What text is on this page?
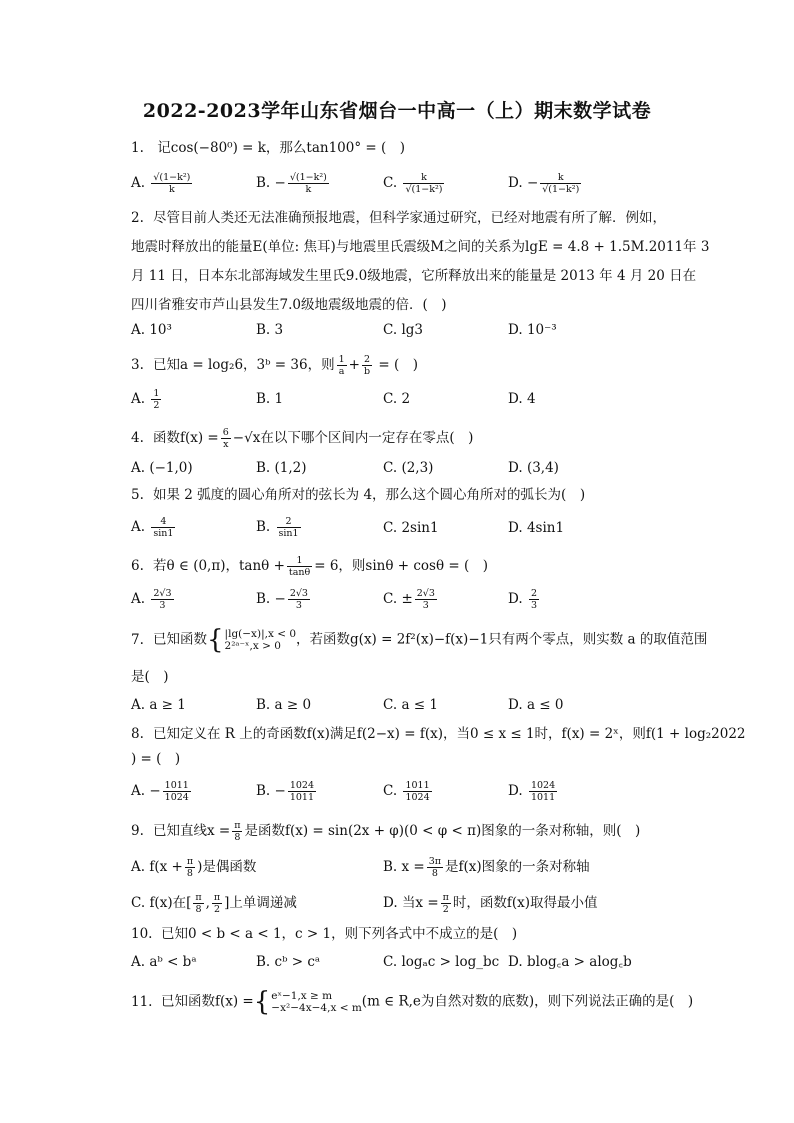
2022-2023学年山东省烟台一中高一（上）期末数学试卷
1. 记cos(−80⁰) = k，那么tan100° = (　)
A. $\frac{\text{√(1−k²)}}{k}$	B. − $\frac{\text{√(1−k²)}}{k}$	C. $\frac{k}{\text{√(1−k²)}}$	D. − $\frac{k}{\text{√(1−k²)}}$
2. 尽管目前人类还无法准确预报地震，但科学家通过研究，已经对地震有所了解．例如，
地震时释放出的能量E(单位: 焦耳)与地震里氏震级M之间的关系为lgE = 4.8 + 1.5M.2011年 3
月 11 日，日本东北部海域发生里氏9.0级地震，它所释放出来的能量是 2013 年 4 月 20 日在
四川省雅安市芦山县发生7.0级地震级地震的倍．(　)
A. 10³	B. 3	C. lg3	D. 10⁻³
3. 已知a = log₂6，3ᵇ = 36，则 $\frac{1}{a} + \frac{2}{b}$ = (　)
A. $\frac{1}{2}$	B. 1	C. 2	D. 4
4. 函数$f(x) = \frac{6}{x} -√x$在以下哪个区间内一定存在零点(　)
A. (−1,0)	B. (1,2)	C. (2,3)	D. (3,4)
5. 如果 2 弧度的圆心角所对的弦长为 4，那么这个圆心角所对的弧长为(　)
A. $\frac{4}{\sin 1}$	B. $\frac{2}{\sin 1}$	C. 2sin1	D. 4sin1
6. 若θ ∈ (0,π)，$\tan\theta + \frac{1}{\tan\theta} = 6$，则sinθ + cosθ = (　)
A. $\frac{2√3}{3}$	B. − $\frac{2√3}{3}$	C. ± $\frac{2√3}{3}$	D. $\frac{2}{3}$
7. 已知函数{ |lg(−x)|,x < 0
2²ᵃ⁻ˣ,x > 0	，若函数g(x) = 2f²(x)−f(x)−1只有两个零点，则实数 a 的取值范围
是(　)
A. a ≥ 1	B. a ≥ 0	C. a ≤ 1	D. a ≤ 0
8. 已知定义在 R 上的奇函数f(x)满足f(2−x) = f(x)，当0 ≤ x ≤ 1时，f(x) = 2ˣ，则f(1 + log₂2022
) = (　)
A. − $\frac{1011}{1024}$	B. − $\frac{1024}{1011}$	C. $\frac{1011}{1024}$	D. $\frac{1024}{1011}$
9. 已知直线$x = \frac{\pi}{8}$ 是函数f(x) = sin(2x + φ)(0 < φ < π)图象的一条对称轴，则(　)
A. $f(x + \frac{\pi}{8}$ )是偶函数	B. $x = \frac{3\pi}{8}$ 是f(x)图象的一条对称轴
C. f(x)在[ $\frac{\pi}{8}$ , $\frac{\pi}{2}$ ]上单调递减	D. 当$x = \frac{\pi}{2}$ 时，函数f(x)取得最小值
10. 已知0 < b < a < 1，c > 1，则下列各式中不成立的是(　)
A. aᵇ < bᵃ	B. cᵇ > cᵃ	C. logₐc > log_bc D. blog꜀a > alog꜀b
11. 已知函数f(x) ={ eˣ−1,x ≥ m
−x²−4x−4,x < m (m ∈ R,e为自然对数的底数)，则下列说法正确的是(　)
